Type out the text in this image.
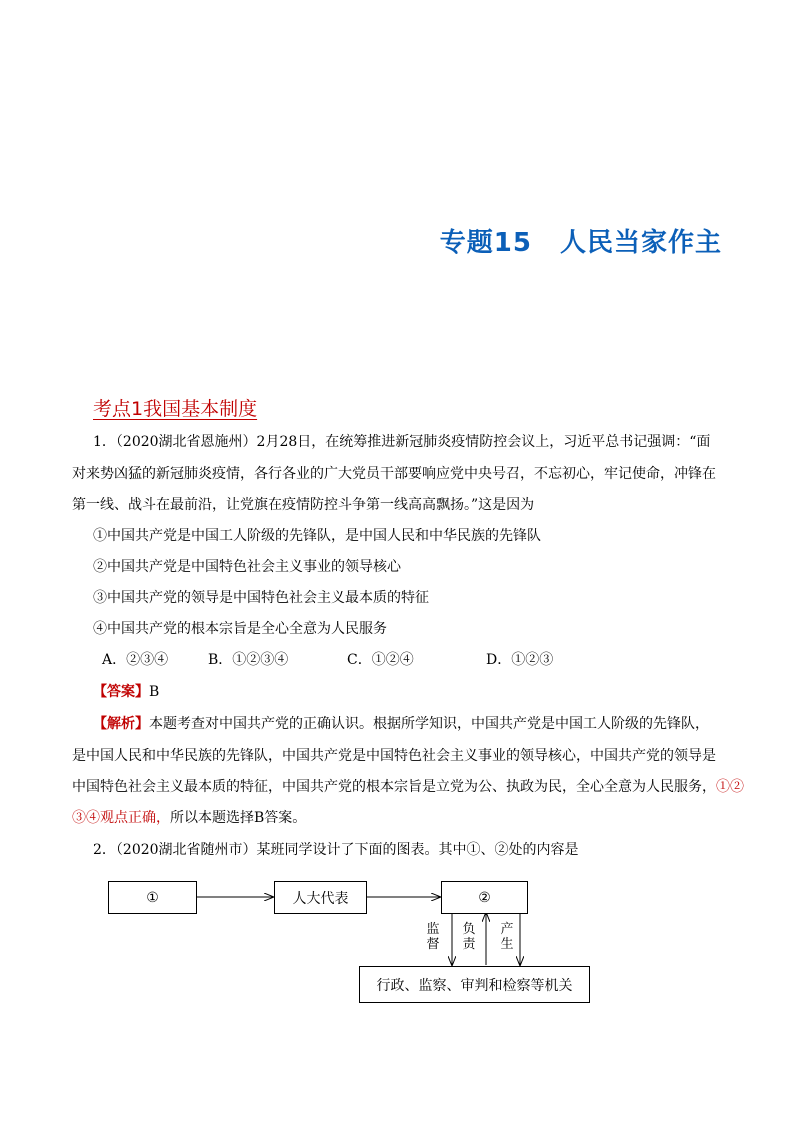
专题15 人民当家作主
考点1我国基本制度
1．（2020湖北省恩施州）2月28日，在统筹推进新冠肺炎疫情防控会议上，习近平总书记强调：“面
对来势凶猛的新冠肺炎疫情，各行各业的广大党员干部要响应党中央号召，不忘初心，牢记使命，冲锋在
第一线、战斗在最前沿，让党旗在疫情防控斗争第一线高高飘扬。”这是因为
①中国共产党是中国工人阶级的先锋队，是中国人民和中华民族的先锋队
②中国共产党是中国特色社会主义事业的领导核心
③中国共产党的领导是中国特色社会主义最本质的特征
④中国共产党的根本宗旨是全心全意为人民服务
A．②③④	B．①②③④	C．①②④	D．①②③
【答案】B
【解析】本题考查对中国共产党的正确认识。根据所学知识，中国共产党是中国工人阶级的先锋队，
是中国人民和中华民族的先锋队，中国共产党是中国特色社会主义事业的领导核心，中国共产党的领导是
中国特色社会主义最本质的特征，中国共产党的根本宗旨是立党为公、执政为民，全心全意为人民服务，①②
③④观点正确，所以本题选择B答案。
2．（2020湖北省随州市）某班同学设计了下面的图表。其中①、②处的内容是
①	人大代表	②
行政、监察、审判和检察等机关
监督
负责
产生
